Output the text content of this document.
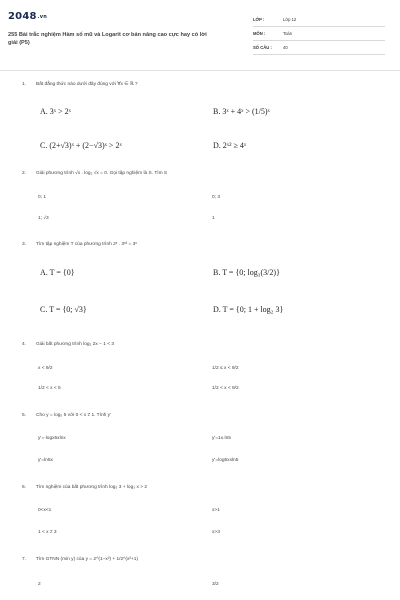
2048.vn
255 Bài trắc nghiệm Hàm số mũ và Logarit cơ bản nâng cao cực hay có lời giải (P5)
LỚP :	Lớp 12
MÔN :	Toán
SỐ CÂU :	40
1. Bất đẳng thức nào dưới đây đúng với ∀x ∈ ℝ ?
A. 3ˣ > 2ˣ	B. 3ˣ + 4ˣ > (1/5)ˣ
C. (2+√3)ˣ + (2−√3)ˣ > 2ˣ	D. 2ˣ² ≥ 4ˣ
2. Giải phương trình √x . log₂ √x = 0. Gọi tập nghiệm là S. Tìm S
0; 1	0; 3
1; √3	1
3. Tìm tập nghiệm T của phương trình 2ˣ . 3ˣ² = 3ˣ
A. T = {0}	B. T = {0; log₃(3/2)}
C. T = {0; √3}	D. T = {0; 1 + log₂ 3}
4. Giải bất phương trình log₂ 2x − 1 < 3
x < 9/2	1/2 ≤ x < 9/2
1/2 < x < 5	1/2 < x < 9/2
5. Cho y = log₅ 5 với 0 < x ≠ 1. Tính y'
y'=-logx5xlnx	y'=1x.ln5
y'=ln5x	y'=log5xxln5
6. Tìm nghiệm của bất phương trình log₃ 3 + log₃ x > 2
0<x<1	x>1
1 < x ≠ 3	x>3
7. Tìm GTNN (min y) của y = 2^(1−x²) + 1/2^(x²+1)
2	3/2
